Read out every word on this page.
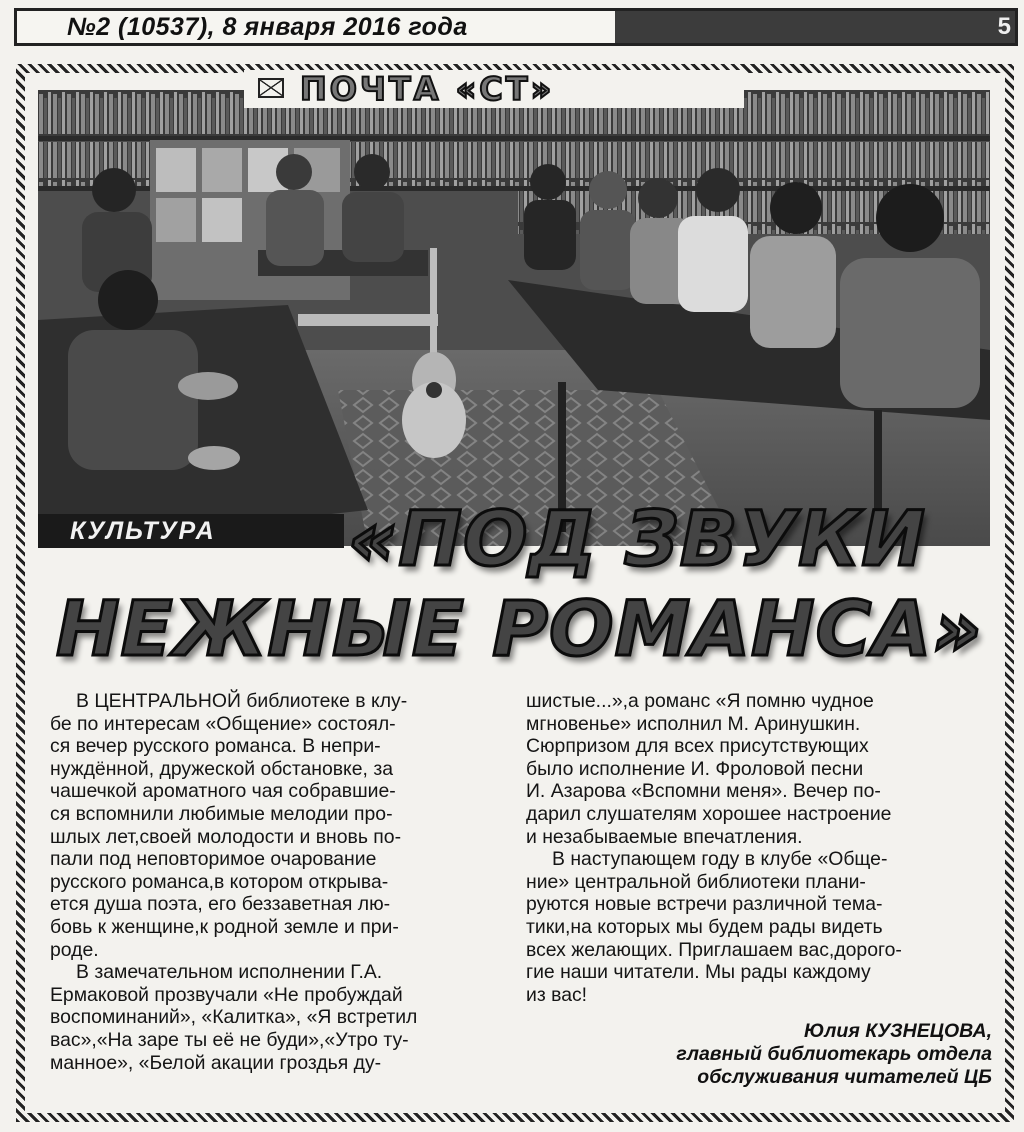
№2 (10537), 8 января 2016 года	5
ПОЧТА «СТ»
КУЛЬТУРА	«ПОД ЗВУКИ
НЕЖНЫЕ РОМАНСА»

В ЦЕНТРАЛЬНОЙ библиотеке в клу-

бе по интересам «Общение» состоял-

ся вечер русского романса. В непри-

нуждённой, дружеской обстановке, за

чашечкой ароматного чая собравшие-

ся вспомнили любимые мелодии про-

шлых лет,своей молодости и вновь по-

пали под неповторимое очарование

русского романса,в котором открыва-

ется душа поэта, его беззаветная лю-

бовь к женщине,к родной земле и при-

роде.

В замечательном исполнении Г.А.

Ермаковой прозвучали «Не пробуждай

воспоминаний», «Калитка», «Я встретил

вас»,«На заре ты её не буди»,«Утро ту-

манное», «Белой акации гроздья ду-

шистые...»,а романс «Я помню чудное

мгновенье» исполнил М. Аринушкин.

Сюрпризом для всех присутствующих

было исполнение И. Фроловой песни

И. Азарова «Вспомни меня». Вечер по-

дарил слушателям хорошее настроение

и незабываемые впечатления.

В наступающем году в клубе «Обще-

ние» центральной библиотеки плани-

руются новые встречи различной тема-

тики,на которых мы будем рады видеть

всех желающих. Приглашаем вас,дорого-

гие наши читатели. Мы рады каждому

из вас!

Юлия КУЗНЕЦОВА,
главный библиотекарь отдела
обслуживания читателей ЦБ
